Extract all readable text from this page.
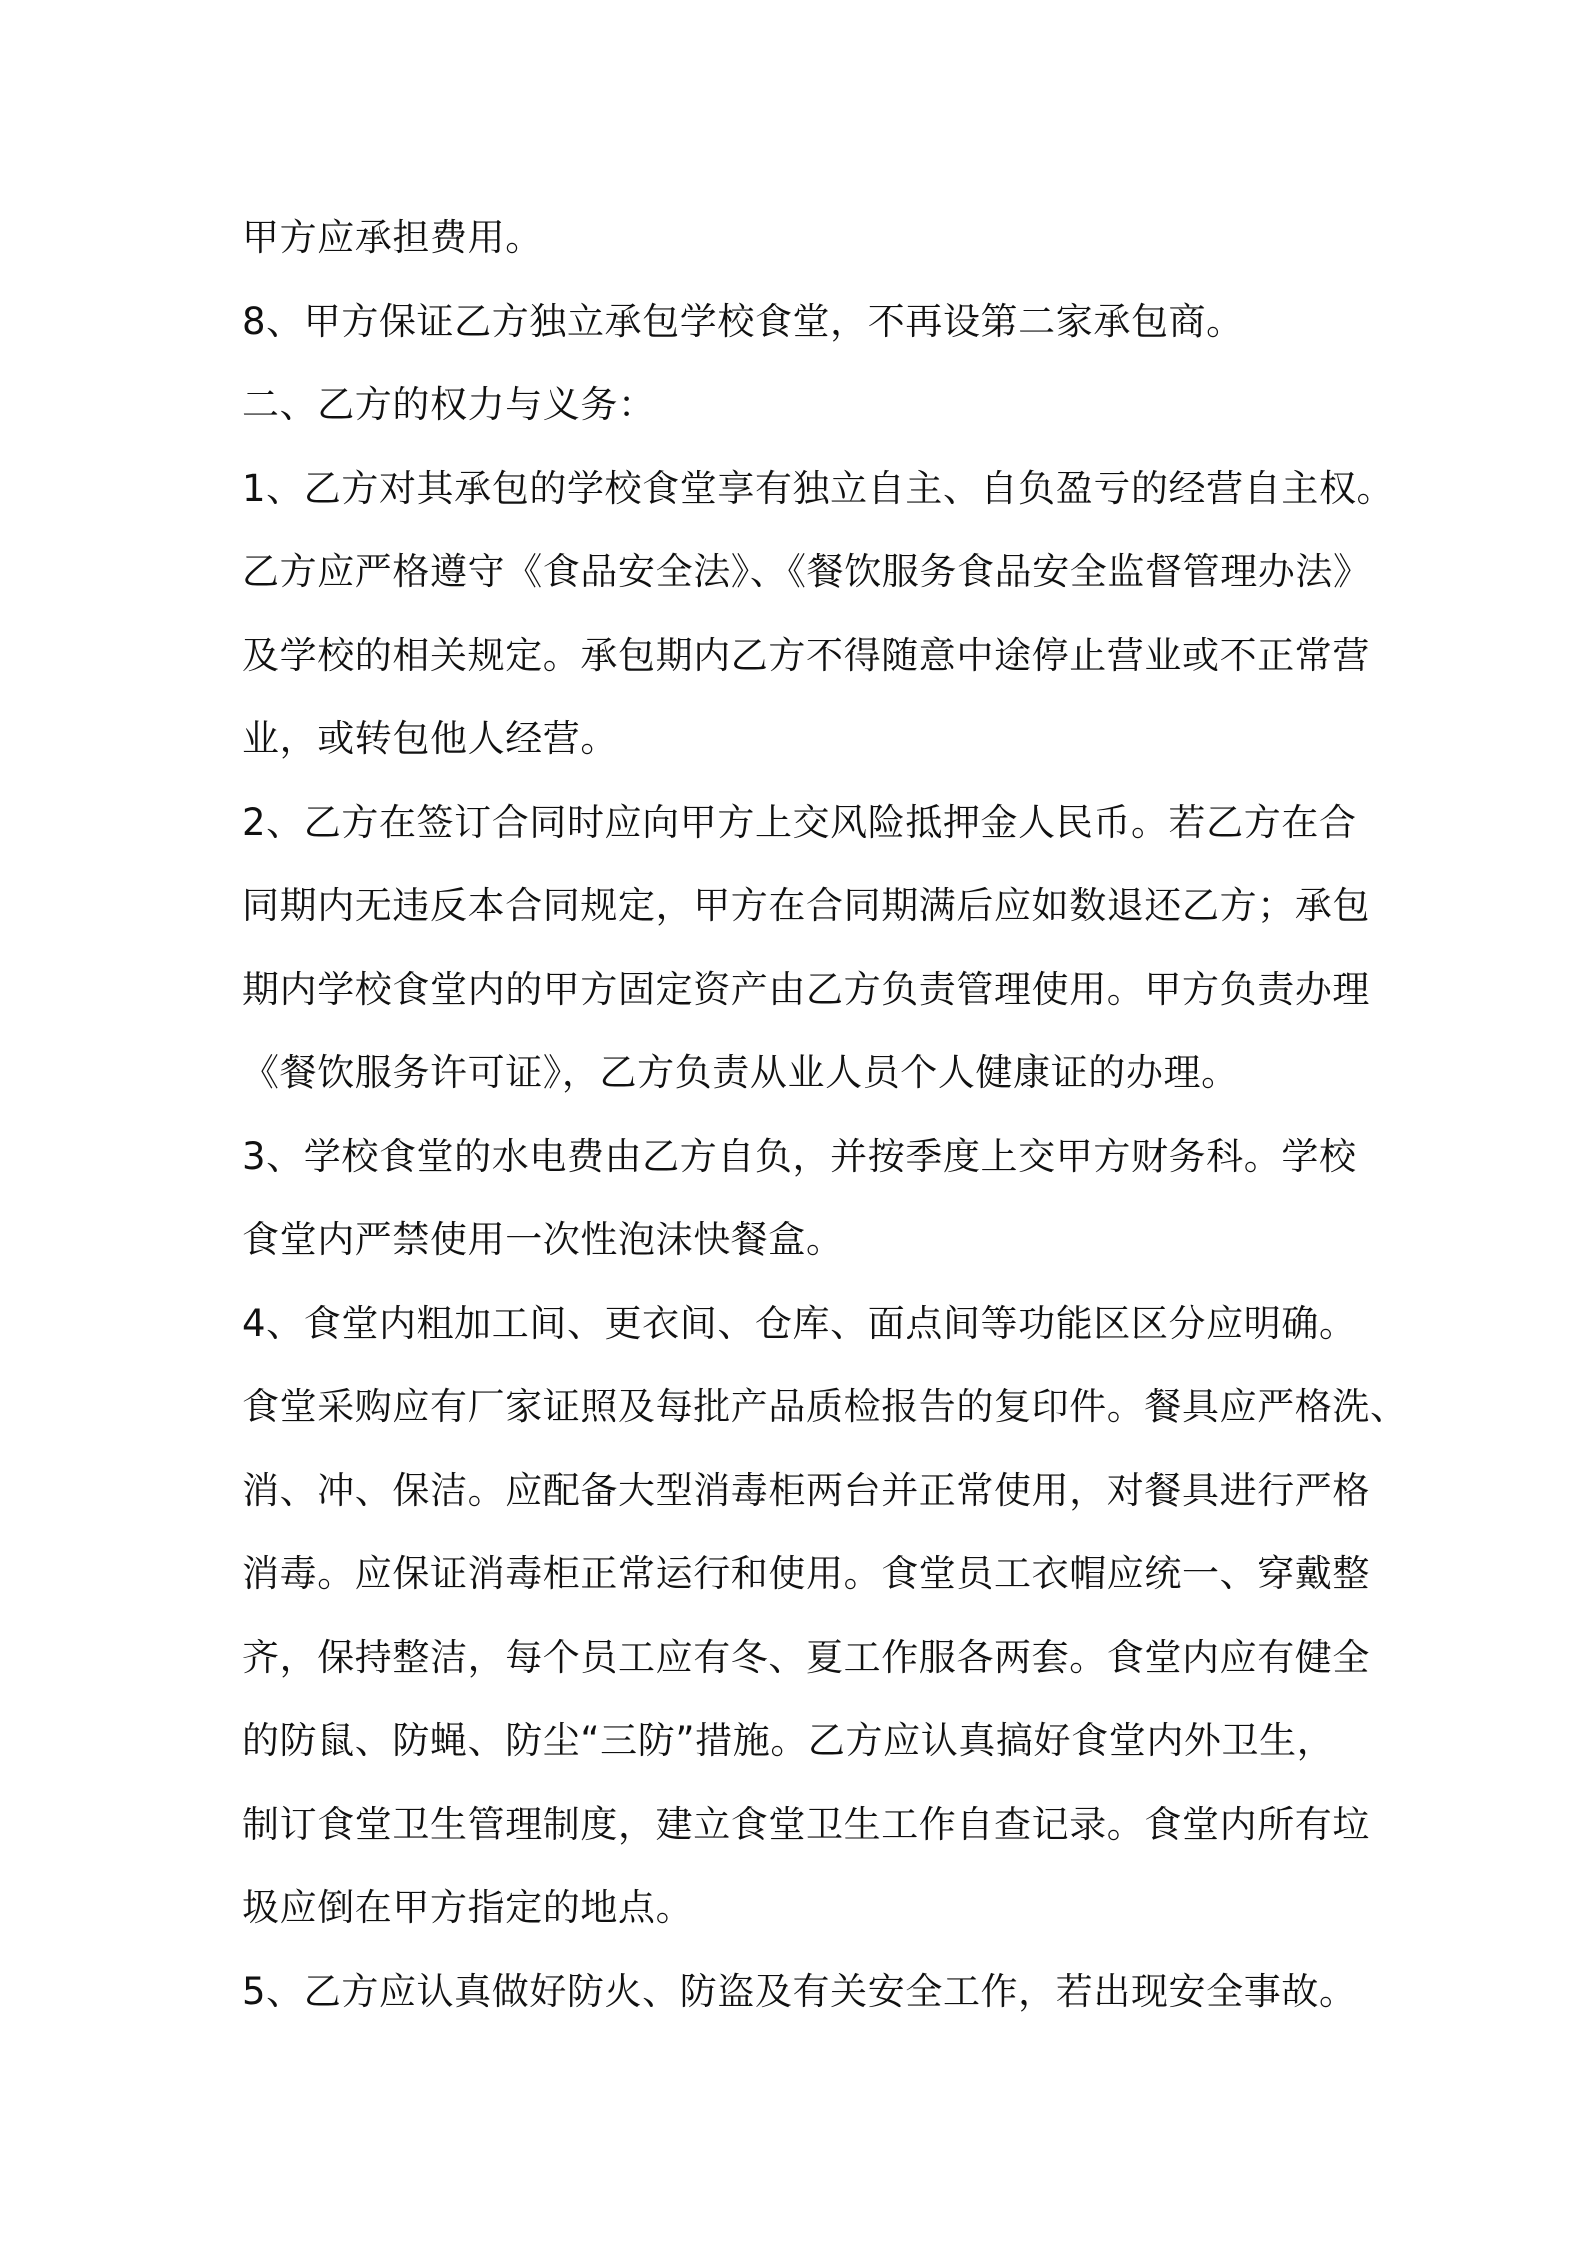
甲方应承担费用。
8、甲方保证乙方独立承包学校食堂，不再设第二家承包商。
二、乙方的权力与义务：
1、乙方对其承包的学校食堂享有独立自主、自负盈亏的经营自主权。
乙方应严格遵守《食品安全法》、《餐饮服务食品安全监督管理办法》
及学校的相关规定。承包期内乙方不得随意中途停止营业或不正常营
业，或转包他人经营。
2、乙方在签订合同时应向甲方上交风险抵押金人民币。若乙方在合
同期内无违反本合同规定，甲方在合同期满后应如数退还乙方；承包
期内学校食堂内的甲方固定资产由乙方负责管理使用。甲方负责办理
《餐饮服务许可证》，乙方负责从业人员个人健康证的办理。
3、学校食堂的水电费由乙方自负，并按季度上交甲方财务科。学校
食堂内严禁使用一次性泡沫快餐盒。
4、食堂内粗加工间、更衣间、仓库、面点间等功能区区分应明确。
食堂采购应有厂家证照及每批产品质检报告的复印件。餐具应严格洗、
消、冲、保洁。应配备大型消毒柜两台并正常使用，对餐具进行严格
消毒。应保证消毒柜正常运行和使用。食堂员工衣帽应统一、穿戴整
齐，保持整洁，每个员工应有冬、夏工作服各两套。食堂内应有健全
的防鼠、防蝇、防尘“三防”措施。乙方应认真搞好食堂内外卫生，
制订食堂卫生管理制度，建立食堂卫生工作自查记录。食堂内所有垃
圾应倒在甲方指定的地点。
5、乙方应认真做好防火、防盗及有关安全工作，若出现安全事故。
